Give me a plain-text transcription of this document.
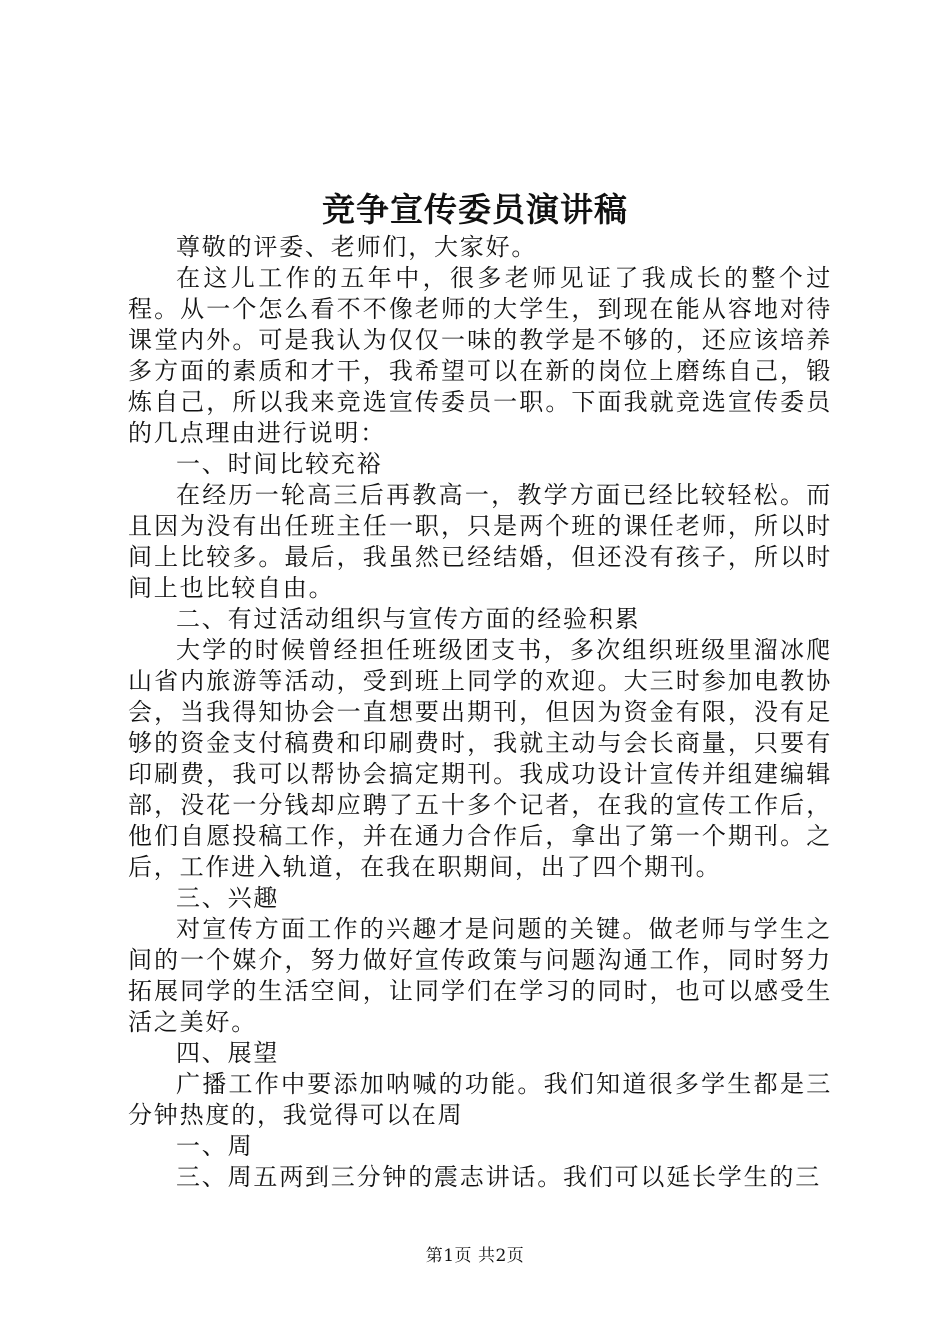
竞争宣传委员演讲稿

尊敬的评委、老师们，大家好。

在这儿工作的五年中，很多老师见证了我成长的整个过程。从一个怎么看不不像老师的大学生，到现在能从容地对待课堂内外。可是我认为仅仅一味的教学是不够的，还应该培养多方面的素质和才干，我希望可以在新的岗位上磨练自己，锻炼自己，所以我来竞选宣传委员一职。下面我就竞选宣传委员的几点理由进行说明：

一、时间比较充裕

在经历一轮高三后再教高一，教学方面已经比较轻松。而且因为没有出任班主任一职，只是两个班的课任老师，所以时间上比较多。最后，我虽然已经结婚，但还没有孩子，所以时间上也比较自由。

二、有过活动组织与宣传方面的经验积累

大学的时候曾经担任班级团支书，多次组织班级里溜冰爬山省内旅游等活动，受到班上同学的欢迎。大三时参加电教协会，当我得知协会一直想要出期刊，但因为资金有限，没有足够的资金支付稿费和印刷费时，我就主动与会长商量，只要有印刷费，我可以帮协会搞定期刊。我成功设计宣传并组建编辑部，没花一分钱却应聘了五十多个记者，在我的宣传工作后，他们自愿投稿工作，并在通力合作后，拿出了第一个期刊。之后，工作进入轨道，在我在职期间，出了四个期刊。

三、兴趣

对宣传方面工作的兴趣才是问题的关键。做老师与学生之间的一个媒介，努力做好宣传政策与问题沟通工作，同时努力拓展同学的生活空间，让同学们在学习的同时，也可以感受生活之美好。

四、展望

广播工作中要添加呐喊的功能。我们知道很多学生都是三分钟热度的，我觉得可以在周

一、周

三、周五两到三分钟的震志讲话。我们可以延长学生的三

第1页 共2页
